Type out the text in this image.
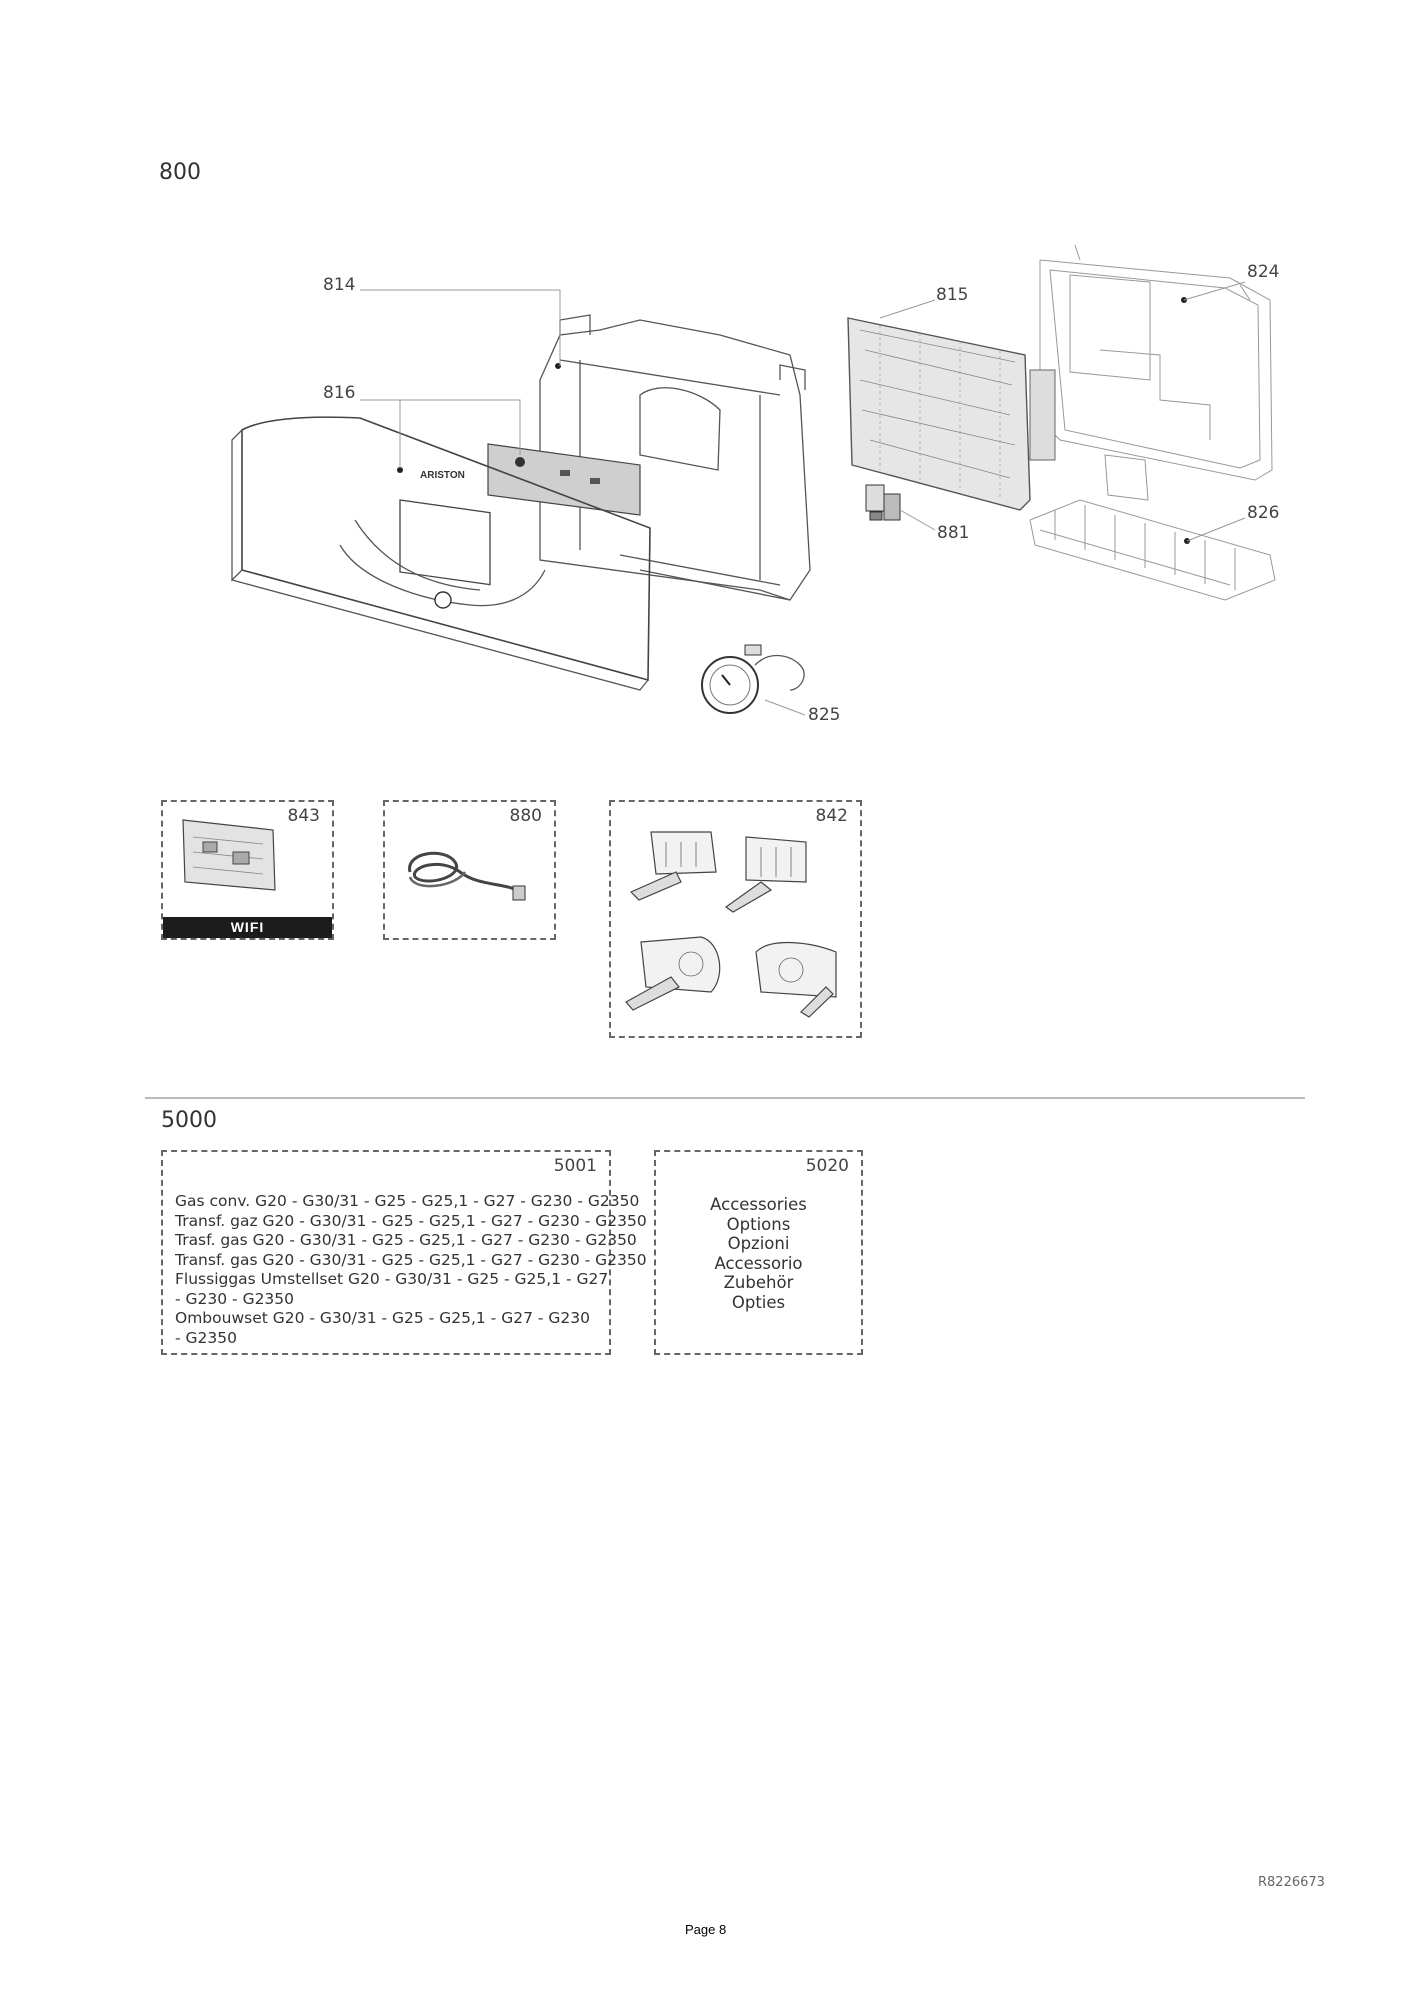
800
ARISTON
814
816
815
824
826
881
825
843
WIFI
880	842
5000
5001
Gas conv. G20 - G30/31 - G25 - G25,1 - G27 - G230 - G2350
Transf. gaz G20 - G30/31 - G25 - G25,1 - G27 - G230 - G2350
Trasf. gas G20 - G30/31 - G25 - G25,1 - G27 - G230 - G2350
Transf. gas G20 - G30/31 - G25 - G25,1 - G27 - G230 - G2350
Flussiggas Umstellset G20 - G30/31 - G25 - G25,1 - G27
- G230 - G2350
Ombouwset G20 - G30/31 - G25 - G25,1 - G27 - G230
- G2350
5020
Accessories
Options
Opzioni
Accessorio
Zubehör
Opties
R8226673
Page 8
